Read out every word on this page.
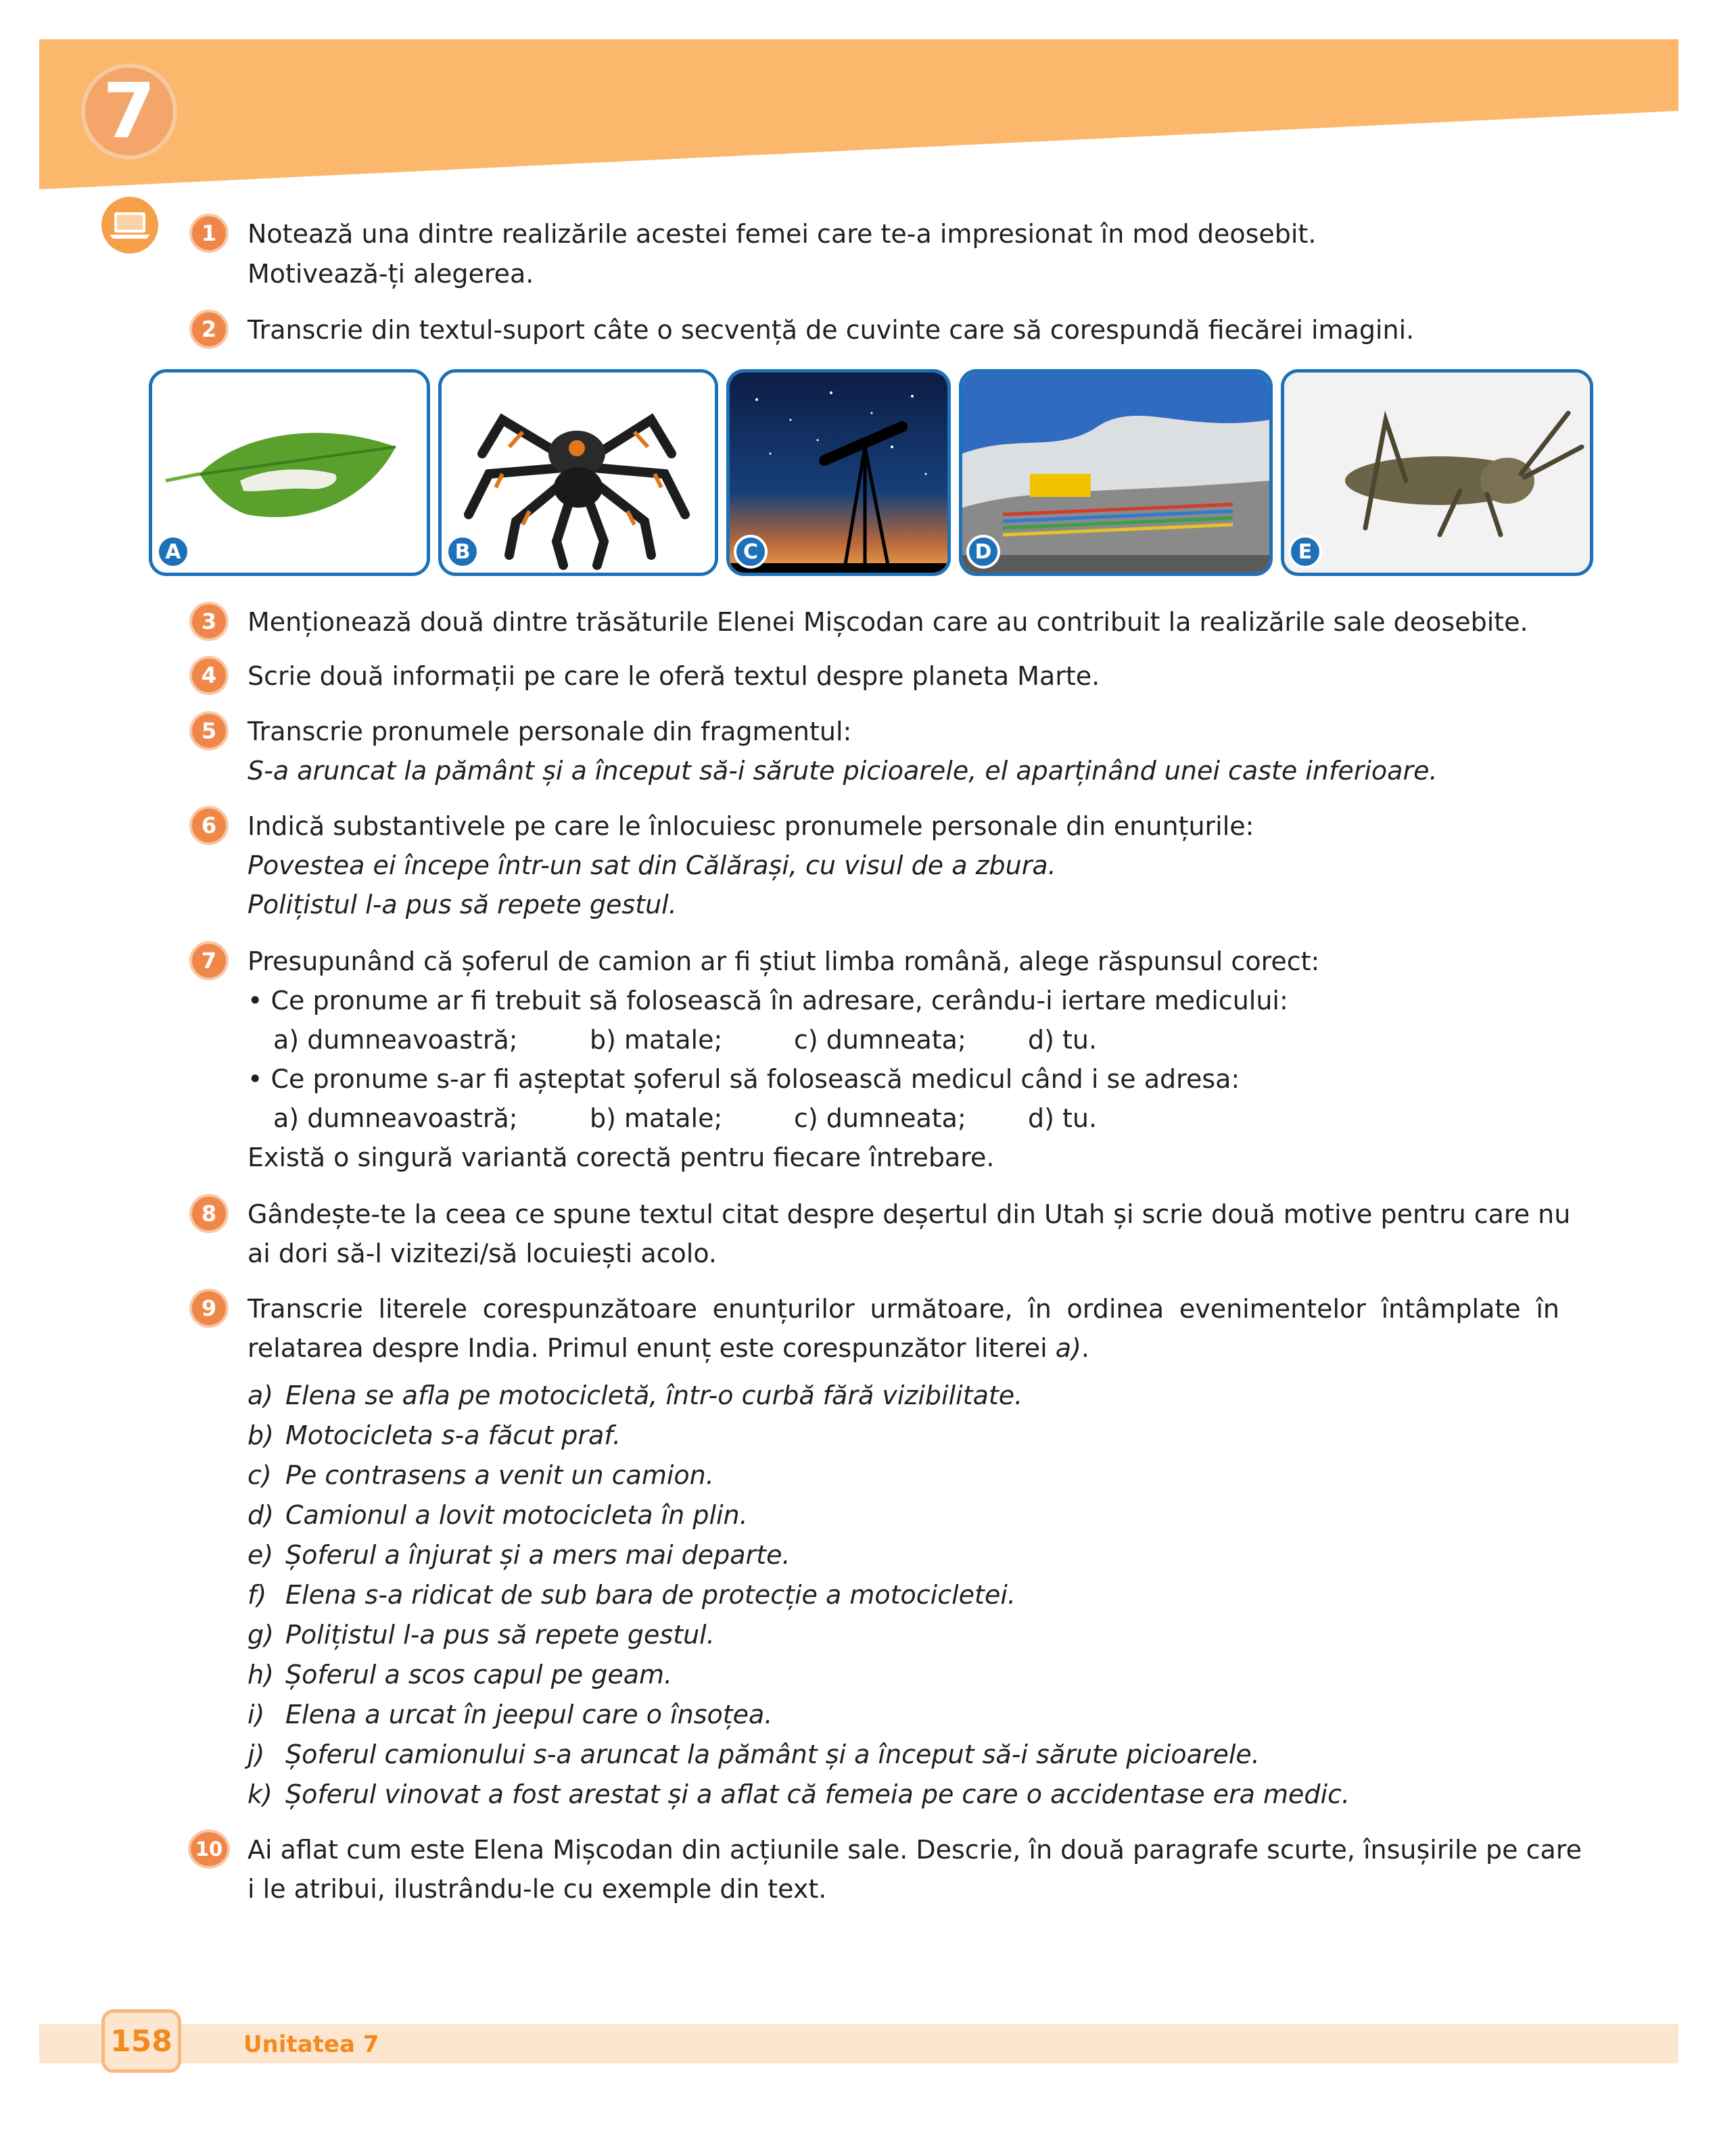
7
1 Notează una dintre realizările acestei femei care te-a impresionat în mod deosebit.
Motivează-ți alegerea.
2 Transcrie din textul-suport câte o secvență de cuvinte care să corespundă fiecărei imagini.
A	B	C	D	E
3 Menționează două dintre trăsăturile Elenei Mișcodan care au contribuit la realizările sale deosebite.
4 Scrie două informații pe care le oferă textul despre planeta Marte.
5 Transcrie pronumele personale din fragmentul:
S-a aruncat la pământ și a început să-i sărute picioarele, el aparținând unei caste inferioare.
6 Indică substantivele pe care le înlocuiesc pronumele personale din enunțurile:
Povestea ei începe într-un sat din Călărași, cu visul de a zbura.
Polițistul l-a pus să repete gestul.
7 Presupunând că șoferul de camion ar fi știut limba română, alege răspunsul corect:
• Ce pronume ar fi trebuit să folosească în adresare, cerându-i iertare medicului:
a) dumneavoastră;	b) matale;	c) dumneata; d) tu.
• Ce pronume s-ar fi așteptat șoferul să folosească medicul când i se adresa:
a) dumneavoastră;	b) matale;	c) dumneata; d) tu.
Există o singură variantă corectă pentru fiecare întrebare.
8 Gândește-te la ceea ce spune textul citat despre deșertul din Utah și scrie două motive pentru care nu
ai dori să-l vizitezi/să locuiești acolo.
9 Transcrie literele corespunzătoare enunțurilor următoare, în ordinea evenimentelor întâmplate în
relatarea despre India. Primul enunț este corespunzător literei a).
a) Elena se afla pe motocicletă, într-o curbă fără vizibilitate.
b) Motocicleta s-a făcut praf.
c) Pe contrasens a venit un camion.
d) Camionul a lovit motocicleta în plin.
e) Șoferul a înjurat și a mers mai departe.
f) Elena s-a ridicat de sub bara de protecție a motocicletei.
g) Polițistul l-a pus să repete gestul.
h) Șoferul a scos capul pe geam.
i) Elena a urcat în jeepul care o însoțea.
j) Șoferul camionului s-a aruncat la pământ și a început să-i sărute picioarele.
k) Șoferul vinovat a fost arestat și a aflat că femeia pe care o accidentase era medic.
10 Ai aflat cum este Elena Mișcodan din acțiunile sale. Descrie, în două paragrafe scurte, însușirile pe care
i le atribui, ilustrându-le cu exemple din text.
158	Unitatea 7
